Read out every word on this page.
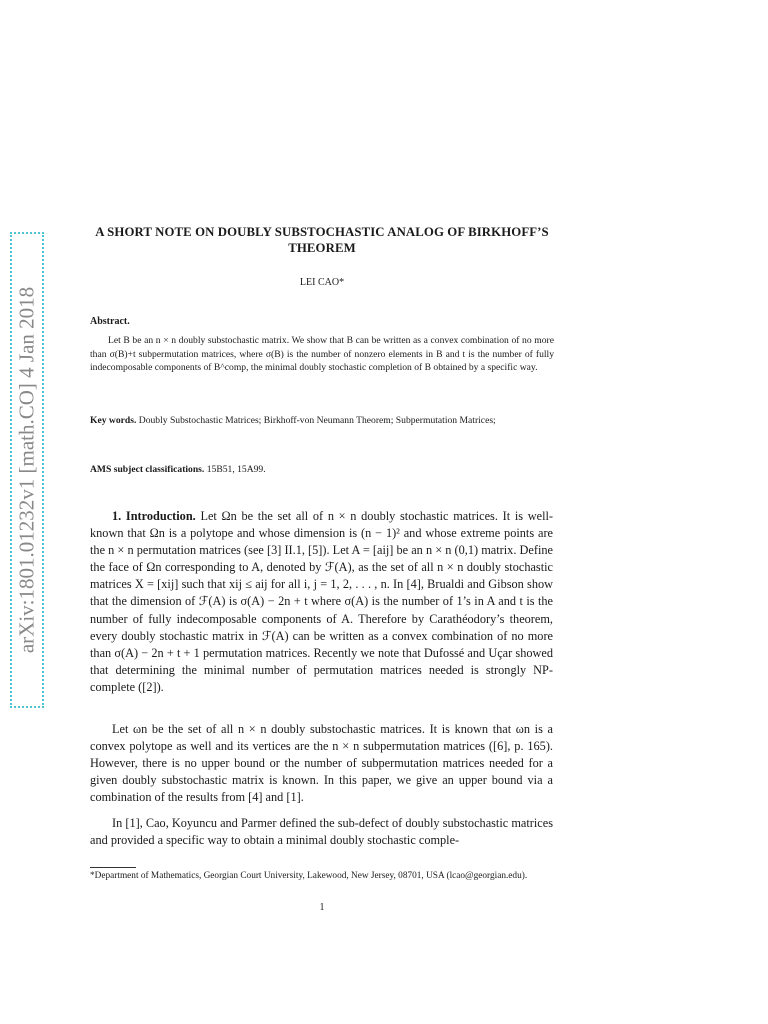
arXiv:1801.01232v1 [math.CO] 4 Jan 2018
A SHORT NOTE ON DOUBLY SUBSTOCHASTIC ANALOG OF BIRKHOFF’S THEOREM
LEI CAO*
Abstract.
Let B be an n × n doubly substochastic matrix. We show that B can be written as a convex combination of no more than σ(B)+t subpermutation matrices, where σ(B) is the number of nonzero elements in B and t is the number of fully indecomposable components of B^comp, the minimal doubly stochastic completion of B obtained by a specific way.
Key words. Doubly Substochastic Matrices; Birkhoff-von Neumann Theorem; Subpermutation Matrices;
AMS subject classifications. 15B51, 15A99.
1. Introduction. Let Ωn be the set all of n × n doubly stochastic matrices. It is well-known that Ωn is a polytope and whose dimension is (n − 1)² and whose extreme points are the n × n permutation matrices (see [3] II.1, [5]). Let A = [aij] be an n × n (0,1) matrix. Define the face of Ωn corresponding to A, denoted by ℱ(A), as the set of all n × n doubly stochastic matrices X = [xij] such that xij ≤ aij for all i, j = 1, 2, . . . , n. In [4], Brualdi and Gibson show that the dimension of ℱ(A) is σ(A) − 2n + t where σ(A) is the number of 1’s in A and t is the number of fully indecomposable components of A. Therefore by Carathéodory’s theorem, every doubly stochastic matrix in ℱ(A) can be written as a convex combination of no more than σ(A) − 2n + t + 1 permutation matrices. Recently we note that Dufossé and Uçar showed that determining the minimal number of permutation matrices needed is strongly NP-complete ([2]).
Let ωn be the set of all n × n doubly substochastic matrices. It is known that ωn is a convex polytope as well and its vertices are the n × n subpermutation matrices ([6], p. 165). However, there is no upper bound or the number of subpermutation matrices needed for a given doubly substochastic matrix is known. In this paper, we give an upper bound via a combination of the results from [4] and [1].
In [1], Cao, Koyuncu and Parmer defined the sub-defect of doubly substochastic matrices and provided a specific way to obtain a minimal doubly stochastic comple-
*Department of Mathematics, Georgian Court University, Lakewood, New Jersey, 08701, USA (lcao@georgian.edu).
1
